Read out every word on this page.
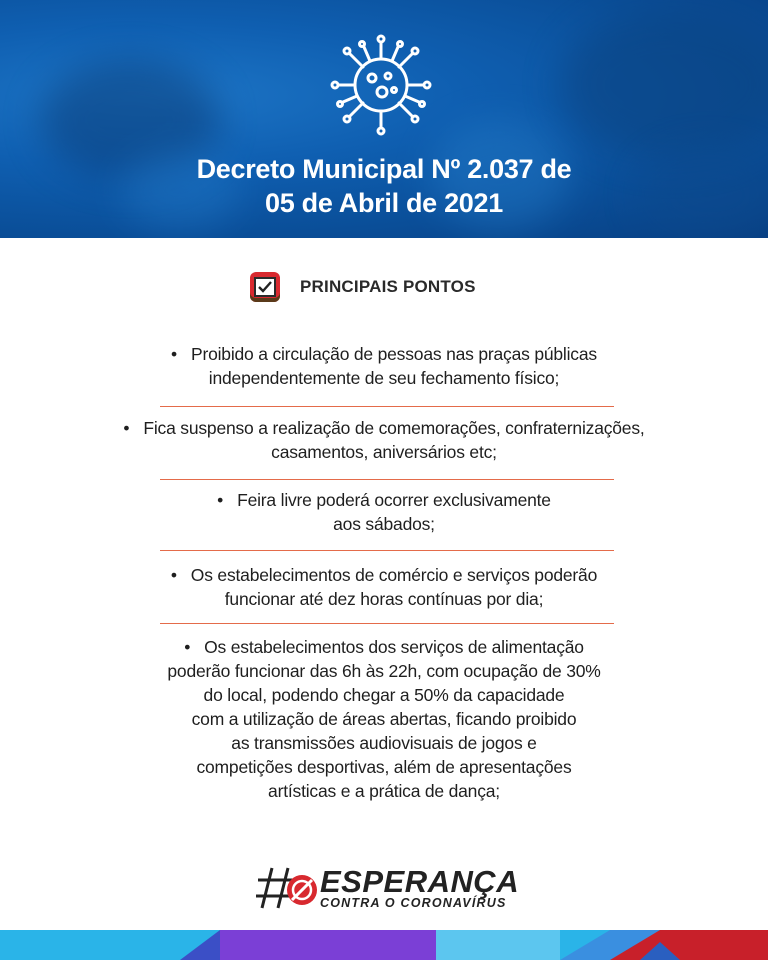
Decreto Municipal Nº 2.037 de
05 de Abril de 2021
PRINCIPAIS PONTOS
• Proibido a circulação de pessoas nas praças públicas
independentemente de seu fechamento físico;
• Fica suspenso a realização de comemorações, confraternizações,
casamentos, aniversários etc;
• Feira livre poderá ocorrer exclusivamente
aos sábados;
• Os estabelecimentos de comércio e serviços poderão
funcionar até dez horas contínuas por dia;
• Os estabelecimentos dos serviços de alimentação
poderão funcionar das 6h às 22h, com ocupação de 30%
do local, podendo chegar a 50% da capacidade
com a utilização de áreas abertas, ficando proibido
as transmissões audiovisuais de jogos e
competições desportivas, além de apresentações
artísticas e a prática de dança;
ESPERANÇA
CONTRA O CORONAVÍRUS
